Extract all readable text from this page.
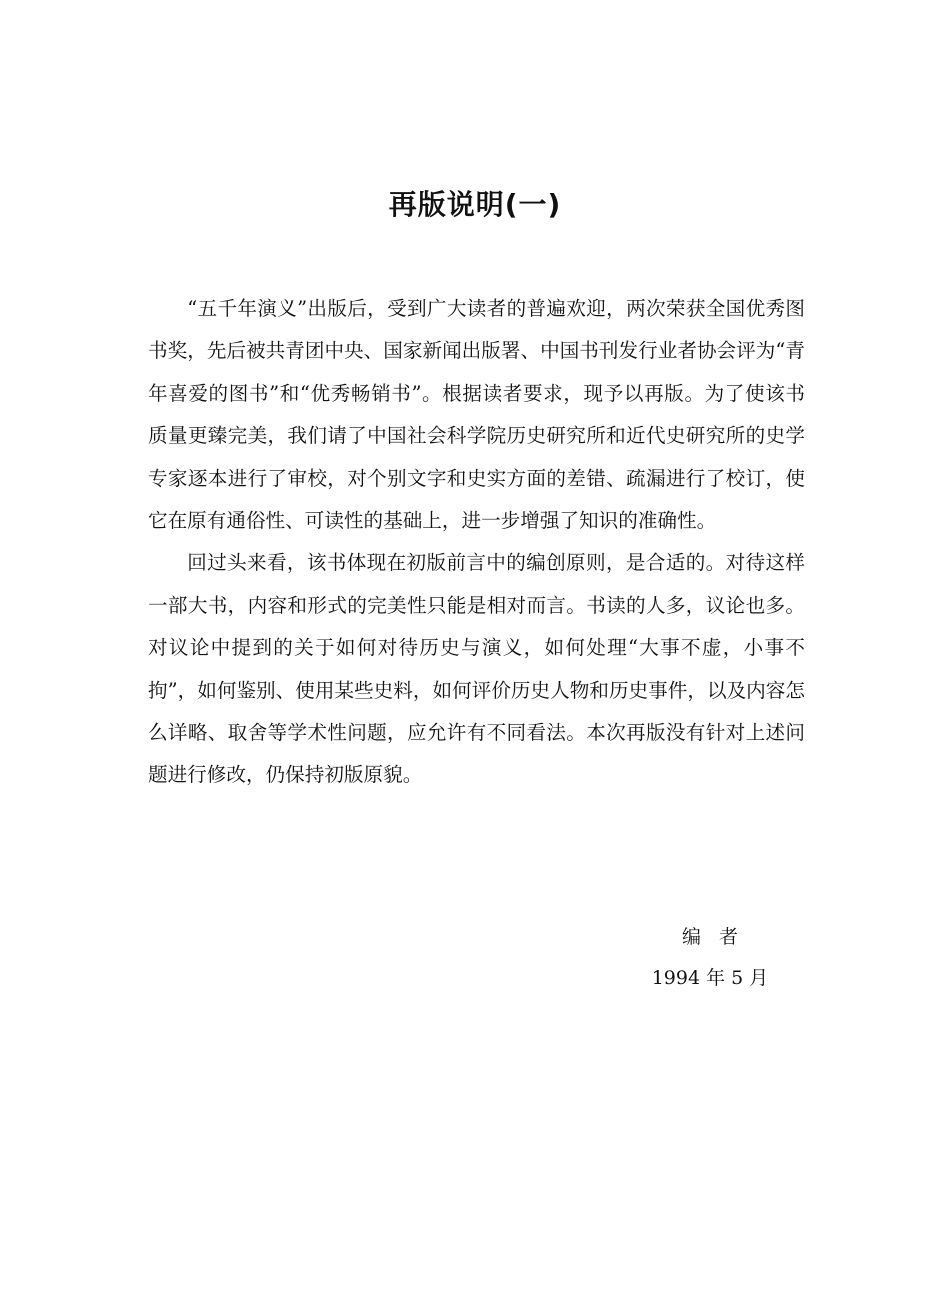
再版说明(一)

“五千年演义”出版后，受到广大读者的普遍欢迎，两次荣获全国优秀图书奖，先后被共青团中央、国家新闻出版署、中国书刊发行业者协会评为“青年喜爱的图书”和“优秀畅销书”。根据读者要求，现予以再版。为了使该书质量更臻完美，我们请了中国社会科学院历史研究所和近代史研究所的史学专家逐本进行了审校，对个别文字和史实方面的差错、疏漏进行了校订，使它在原有通俗性、可读性的基础上，进一步增强了知识的准确性。

回过头来看，该书体现在初版前言中的编创原则，是合适的。对待这样一部大书，内容和形式的完美性只能是相对而言。书读的人多，议论也多。对议论中提到的关于如何对待历史与演义，如何处理“大事不虚，小事不拘”，如何鉴别、使用某些史料，如何评价历史人物和历史事件，以及内容怎么详略、取舍等学术性问题，应允许有不同看法。本次再版没有针对上述问题进行修改，仍保持初版原貌。

编者
1994 年 5 月
